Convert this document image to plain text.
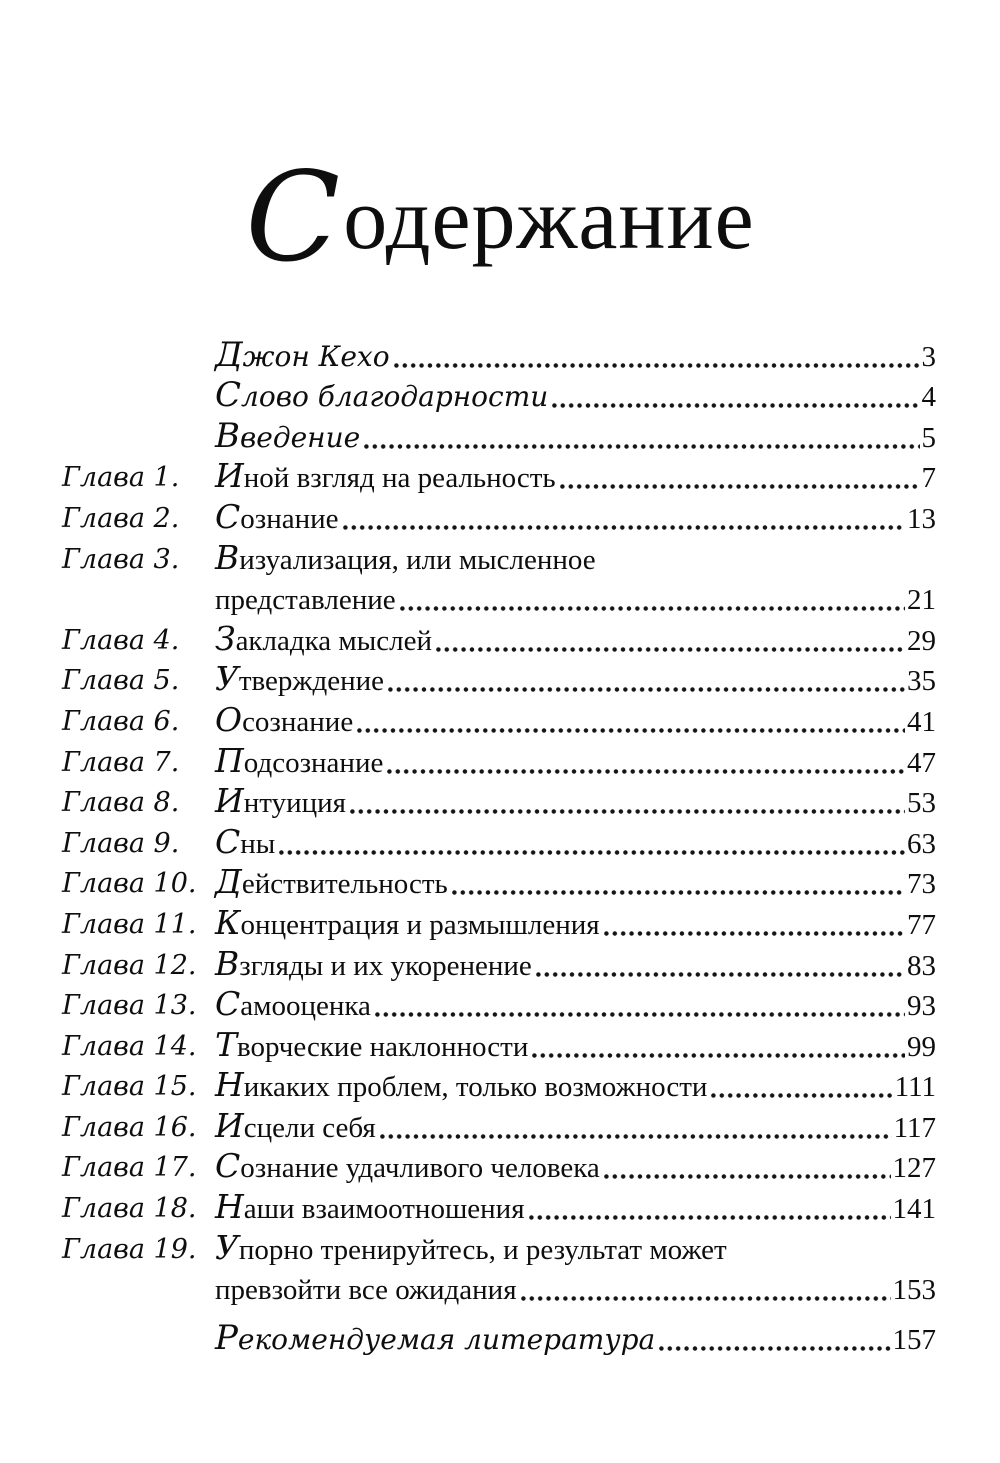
Содержание
Джон Кехо	3
Слово благодарности	4
Введение	5
Глава 1.	Иной взгляд на реальность	7
Глава 2.	Сознание	13
Глава 3.	Визуализация, или мысленное
представление	21
Глава 4.	Закладка мыслей	29
Глава 5.	Утверждение	35
Глава 6.	Осознание	41
Глава 7.	Подсознание	47
Глава 8.	Интуиция	53
Глава 9.	Сны	63
Глава 10. Действительность	73
Глава 11. Концентрация и размышления	77
Глава 12. Взгляды и их укоренение	83
Глава 13. Самооценка	93
Глава 14. Творческие наклонности	99
Глава 15. Никаких проблем, только возможности	111
Глава 16. Исцели себя	117
Глава 17. Сознание удачливого человека	127
Глава 18. Наши взаимоотношения	141
Глава 19. Упорно тренируйтесь, и результат может
превзойти все ожидания	153
Рекомендуемая литература	157
